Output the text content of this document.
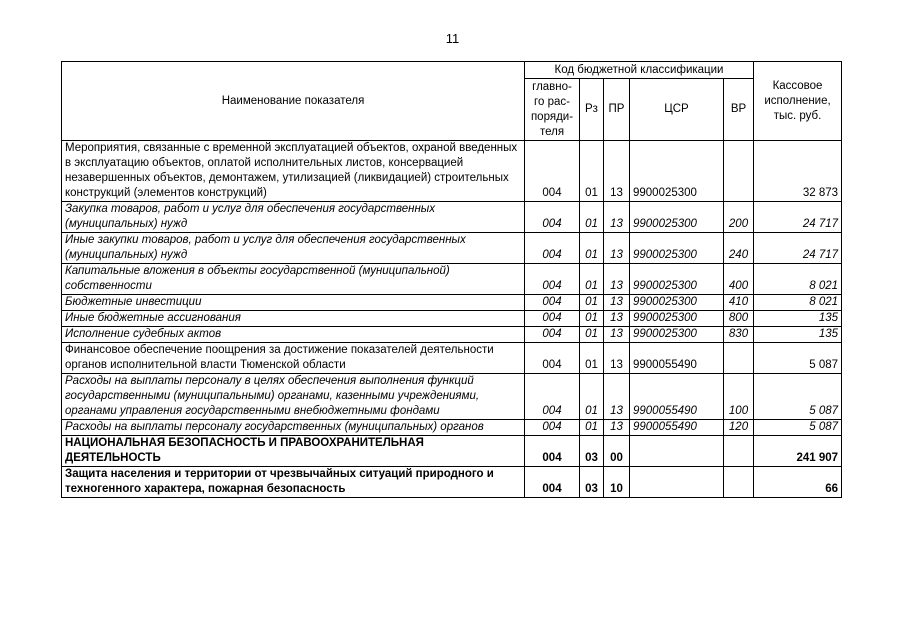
11
Наименование показателя	Код бюджетной классификации					Кассовое исполнение, тыс. руб.
	главно-го рас-поряди-теля	Рз	ПР	ЦСР	ВР	
Мероприятия, связанные с временной эксплуатацией объектов, охраной введенных в эксплуатацию объектов, оплатой исполнительных листов, консервацией незавершенных объектов, демонтажем, утилизацией (ликвидацией) строительных конструкций (элементов конструкций)	004	01	13	9900025300		32 873
Закупка товаров, работ и услуг для обеспечения государственных (муниципальных) нужд	004	01	13	9900025300	200	24 717
Иные закупки товаров, работ и услуг для обеспечения государственных (муниципальных) нужд	004	01	13	9900025300	240	24 717
Капитальные вложения в объекты государственной (муниципальной) собственности	004	01	13	9900025300	400	8 021
Бюджетные инвестиции	004	01	13	9900025300	410	8 021
Иные бюджетные ассигнования	004	01	13	9900025300	800	135
Исполнение судебных актов	004	01	13	9900025300	830	135
Финансовое обеспечение поощрения за достижение показателей деятельности органов исполнительной власти Тюменской области	004	01	13	9900055490		5 087
Расходы на выплаты персоналу в целях обеспечения выполнения функций государственными (муниципальными) органами, казенными учреждениями, органами управления государственными внебюджетными фондами	004	01	13	9900055490	100	5 087
Расходы на выплаты персоналу государственных (муниципальных) органов	004	01	13	9900055490	120	5 087
НАЦИОНАЛЬНАЯ БЕЗОПАСНОСТЬ И ПРАВООХРАНИТЕЛЬНАЯ ДЕЯТЕЛЬНОСТЬ	004	03	00			241 907
Защита населения и территории от чрезвычайных ситуаций природного и техногенного характера, пожарная безопасность	004	03	10			66
